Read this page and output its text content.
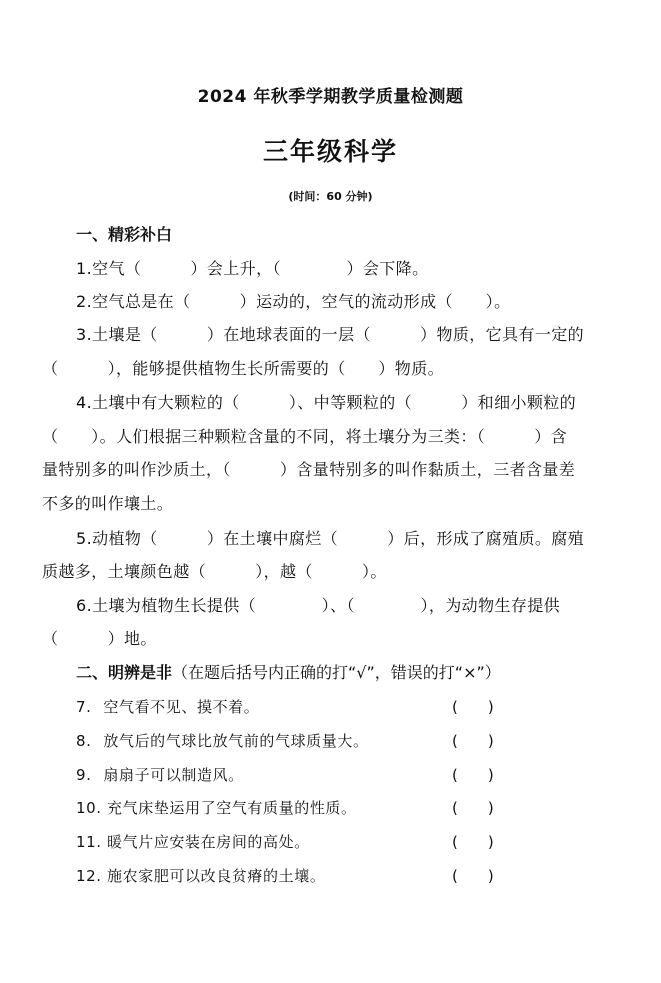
2024 年秋季学期教学质量检测题
三年级科学
(时间：60 分钟)
一、精彩补白
1.空气（　　　）会上升，（　　　　）会下降。
2.空气总是在（　　　）运动的，空气的流动形成（　　）。
3.土壤是（　　　）在地球表面的一层（　　　）物质，它具有一定的
（　　　），能够提供植物生长所需要的（　　）物质。
4.土壤中有大颗粒的（　　　）、中等颗粒的（　　　）和细小颗粒的
（　　）。人们根据三种颗粒含量的不同，将土壤分为三类：（　　　）含
量特别多的叫作沙质土，（　　　）含量特别多的叫作黏质土，三者含量差
不多的叫作壤土。
5.动植物（　　　）在土壤中腐烂（　　　）后，形成了腐殖质。腐殖
质越多，土壤颜色越（　　　），越（　　　）。
6.土壤为植物生长提供（　　　　）、（　　　　），为动物生存提供
（　　　）地。
二、明辨是非（在题后括号内正确的打“√”，错误的打“×”）
7. 空气看不见、摸不着。	(　　)
8. 放气后的气球比放气前的气球质量大。	(　　)
9. 扇扇子可以制造风。	(　　)
10. 充气床垫运用了空气有质量的性质。	(　　)
11. 暖气片应安装在房间的高处。	(　　)
12. 施农家肥可以改良贫瘠的土壤。	(　　)
